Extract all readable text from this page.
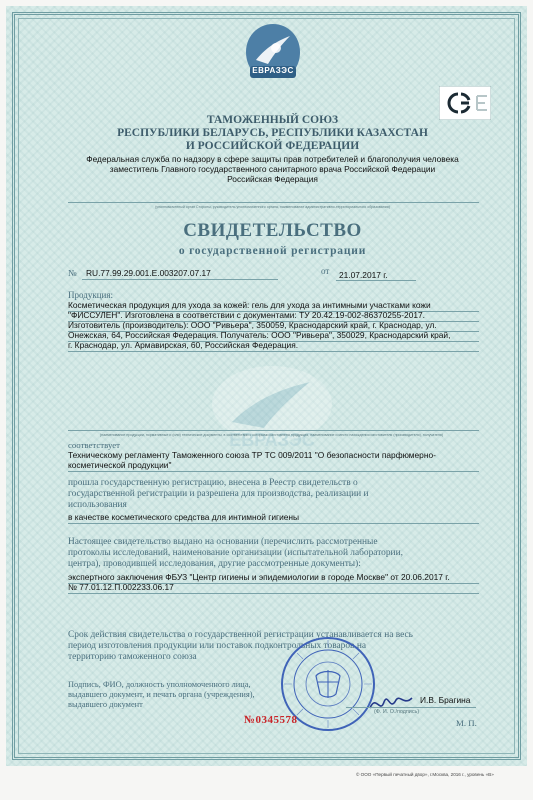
ЕВРАЗЭС
ТАМОЖЕННЫЙ СОЮЗ
РЕСПУБЛИКИ БЕЛАРУСЬ, РЕСПУБЛИКИ КАЗАХСТАН
И РОССИЙСКОЙ ФЕДЕРАЦИИ
Федеральная служба по надзору в сфере защиты прав потребителей и благополучия человека
заместитель Главного государственного санитарного врача Российской Федерации
Российская Федерация
(уполномоченный орган Стороны, руководитель уполномоченного органа, наименование административно-территориального образования)
СВИДЕТЕЛЬСТВО
о государственной регистрации
№ RU.77.99.29.001.E.003207.07.17	от 21.07.2017 г.
Продукция:
Косметическая продукция для ухода за кожей: гель для ухода за интимными участками кожи
"ФИССУЛЕН". Изготовлена в соответствии с документами: ТУ 20.42.19-002-86370255-2017.
Изготовитель (производитель): ООО "Ривьера", 350059, Краснодарский край, г. Краснодар, ул.
Онежская, 64, Российская Федерация. Получатель: ООО "Ривьера", 350029, Краснодарский край,
г. Краснодар, ул. Армавирская, 60, Российская Федерация.
ЕВРАЗЭС
(наименование продукции, нормативные и (или) технические документы, в соответствии с которыми изготовлена продукция, наименование и место нахождения изготовителя (производителя), получателя)
соответствует
Техническому регламенту Таможенного союза ТР ТС 009/2011 "О безопасности парфюмерно-
косметической продукции"
прошла государственную регистрацию, внесена в Реестр свидетельств о
государственной регистрации и разрешена для производства, реализации и
использования
в качестве косметического средства для интимной гигиены
Настоящее свидетельство выдано на основании (перечислить рассмотренные
протоколы исследований, наименование организации (испытательной лаборатории,
центра), проводившей исследования, другие рассмотренные документы):
экспертного заключения ФБУЗ "Центр гигиены и эпидемиологии в городе Москве" от 20.06.2017 г.
№ 77.01.12.П.002233.06.17
Срок действия свидетельства о государственной регистрации устанавливается на весь
период изготовления продукции или поставок подконтрольных товаров на
территорию таможенного союза
Подпись, ФИО, должность уполномоченного лица,
выдавшего документ, и печать органа (учреждения),
выдавшего документ	И.В. Брагина
(Ф. И. О./подпись)
№0345578	М. П.
© ООО «Первый печатный двор», г.Москва, 2016 г., уровень «В»
